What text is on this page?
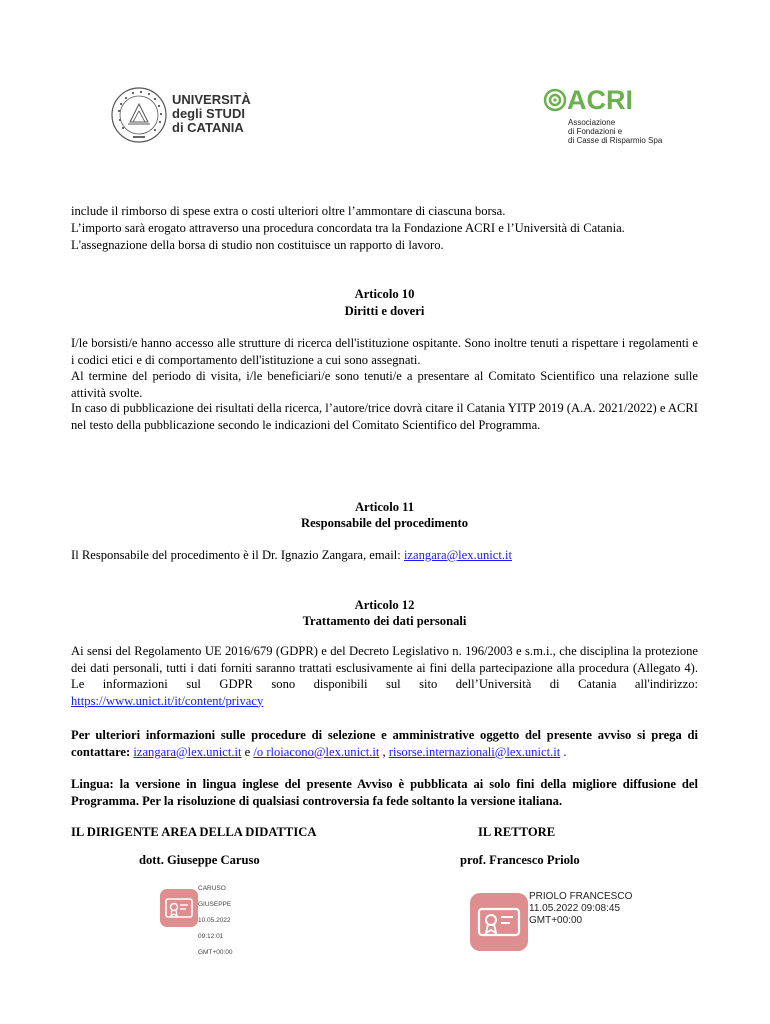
UNIVERSITÀ
degli STUDI
di CATANIA
ACRI
Associazione
di Fondazioni e
di Casse di Risparmio Spa

include il rimborso di spese extra o costi ulteriori oltre l’ammontare di ciascuna borsa.

L’importo sarà erogato attraverso una procedura concordata tra la Fondazione ACRI e l’Università di Catania.

L'assegnazione della borsa di studio non costituisce un rapporto di lavoro.

Articolo 10

Diritti e doveri

I/le borsisti/e hanno accesso alle strutture di ricerca dell'istituzione ospitante. Sono inoltre tenuti a rispettare i regolamenti e i codici etici e di comportamento dell'istituzione a cui sono assegnati.

Al termine del periodo di visita, i/le beneficiari/e sono tenuti/e a presentare al Comitato Scientifico una relazione sulle attività svolte.

In caso di pubblicazione dei risultati della ricerca, l’autore/trice dovrà citare il Catania YITP 2019 (A.A. 2021/2022) e ACRI nel testo della pubblicazione secondo le indicazioni del Comitato Scientifico del Programma.

Articolo 11

Responsabile del procedimento

Il Responsabile del procedimento è il Dr. Ignazio Zangara, email: izangara@lex.unict.it

Articolo 12

Trattamento dei dati personali

Ai sensi del Regolamento UE 2016/679 (GDPR) e del Decreto Legislativo n. 196/2003 e s.m.i., che disciplina la protezione dei dati personali, tutti i dati forniti saranno trattati esclusivamente ai fini della partecipazione alla procedura (Allegato 4). Le informazioni sul GDPR sono disponibili sul sito dell’Università di Catania all'indirizzo: https://www.unict.it/it/content/privacy

Per ulteriori informazioni sulle procedure di selezione e amministrative oggetto del presente avviso si prega di contattare: izangara@lex.unict.it e /o rloiacono@lex.unict.it , risorse.internazionali@lex.unict.it .

Lingua: la versione in lingua inglese del presente Avviso è pubblicata ai solo fini della migliore diffusione del Programma. Per la risoluzione di qualsiasi controversia fa fede soltanto la versione italiana.

IL DIRIGENTE AREA DELLA DIDATTICA	IL RETTORE
dott. Giuseppe Caruso	prof. Francesco Priolo

CARUSO

GIUSEPPE

10.05.2022

09:12:01

GMT+00:00

PRIOLO FRANCESCO
11.05.2022 09:08:45
GMT+00:00
